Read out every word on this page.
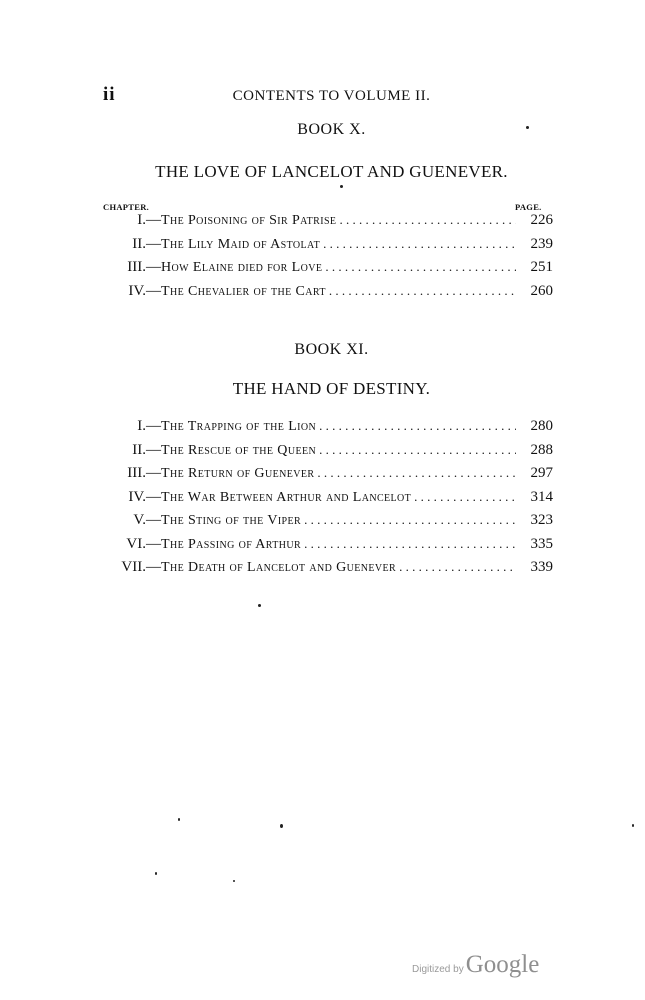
ii	CONTENTS TO VOLUME II.
BOOK X.
THE LOVE OF LANCELOT AND GUENEVER.
CHAPTER.	PAGE.
I. — The Poisoning of Sir Patrise . . .	226
II. — The Lily Maid of Astolat . . .	239
III. — How Elaine died for Love . . .	251
IV. — The Chevalier of the Cart . . .	260
BOOK XI.
THE HAND OF DESTINY.
I. — The Trapping of the Lion . . .	280
II. — The Rescue of the Queen . . .	288
III. — The Return of Guenever . . .	297
IV. — The War Between Arthur and Lancelot . . .	314
V. — The Sting of the Viper . . .	323
VI. — The Passing of Arthur . . .	335
VII. — The Death of Lancelot and Guenever . . .	339
Digitized by Google
